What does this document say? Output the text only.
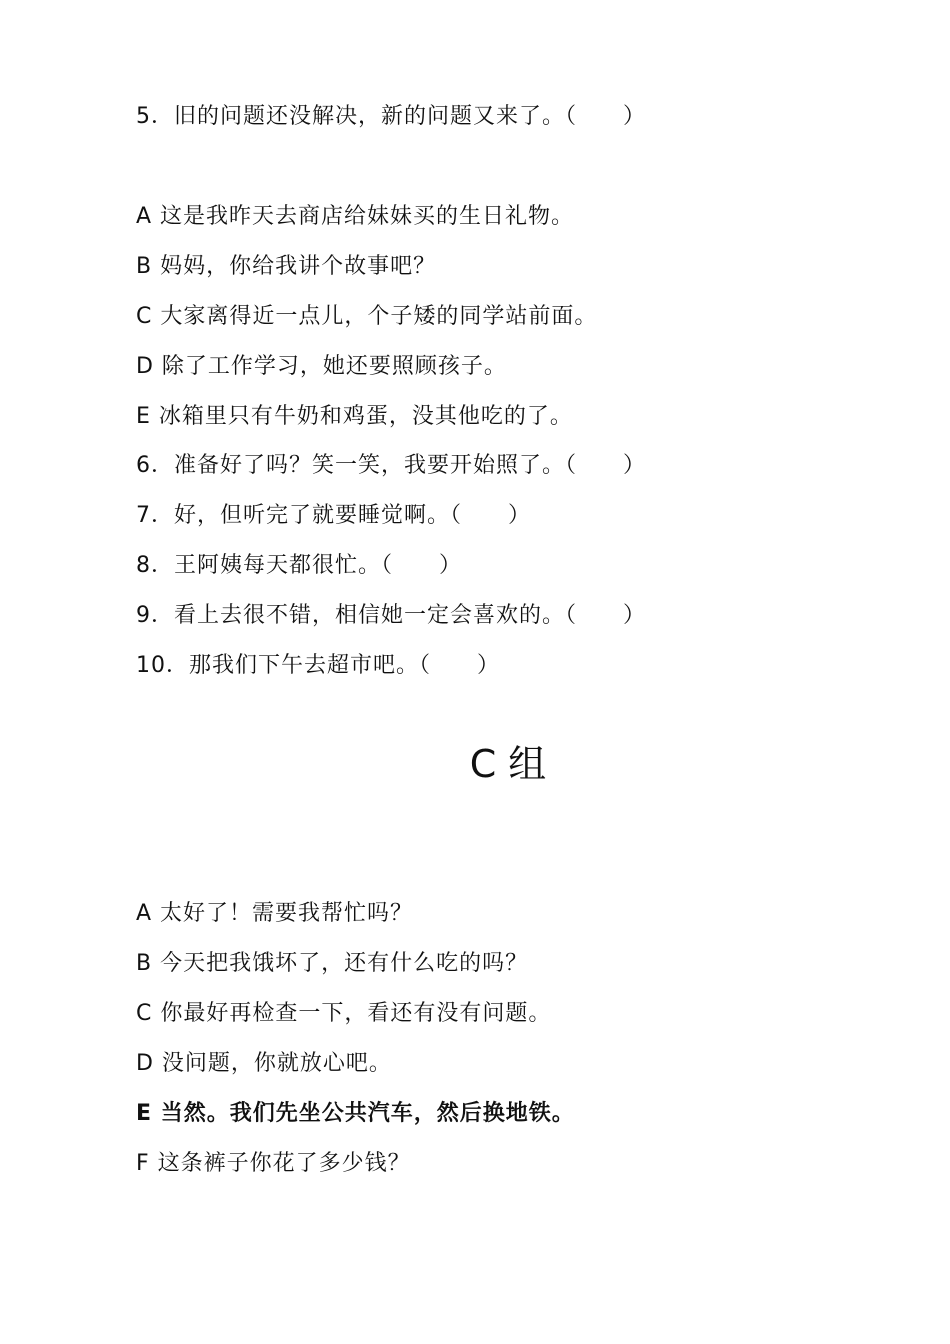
5．旧的问题还没解决，新的问题又来了。（　　）
A 这是我昨天去商店给妹妹买的生日礼物。
B 妈妈，你给我讲个故事吧？
C 大家离得近一点儿，个子矮的同学站前面。
D 除了工作学习，她还要照顾孩子。
E 冰箱里只有牛奶和鸡蛋，没其他吃的了。
6．准备好了吗？笑一笑，我要开始照了。（　　）
7．好，但听完了就要睡觉啊。（　　）
8．王阿姨每天都很忙。（　　）
9．看上去很不错，相信她一定会喜欢的。（　　）
10．那我们下午去超市吧。（　　）
C 组
A 太好了！需要我帮忙吗？
B 今天把我饿坏了，还有什么吃的吗？
C 你最好再检查一下，看还有没有问题。
D 没问题，你就放心吧。
E 当然。我们先坐公共汽车，然后换地铁。
F 这条裤子你花了多少钱？
